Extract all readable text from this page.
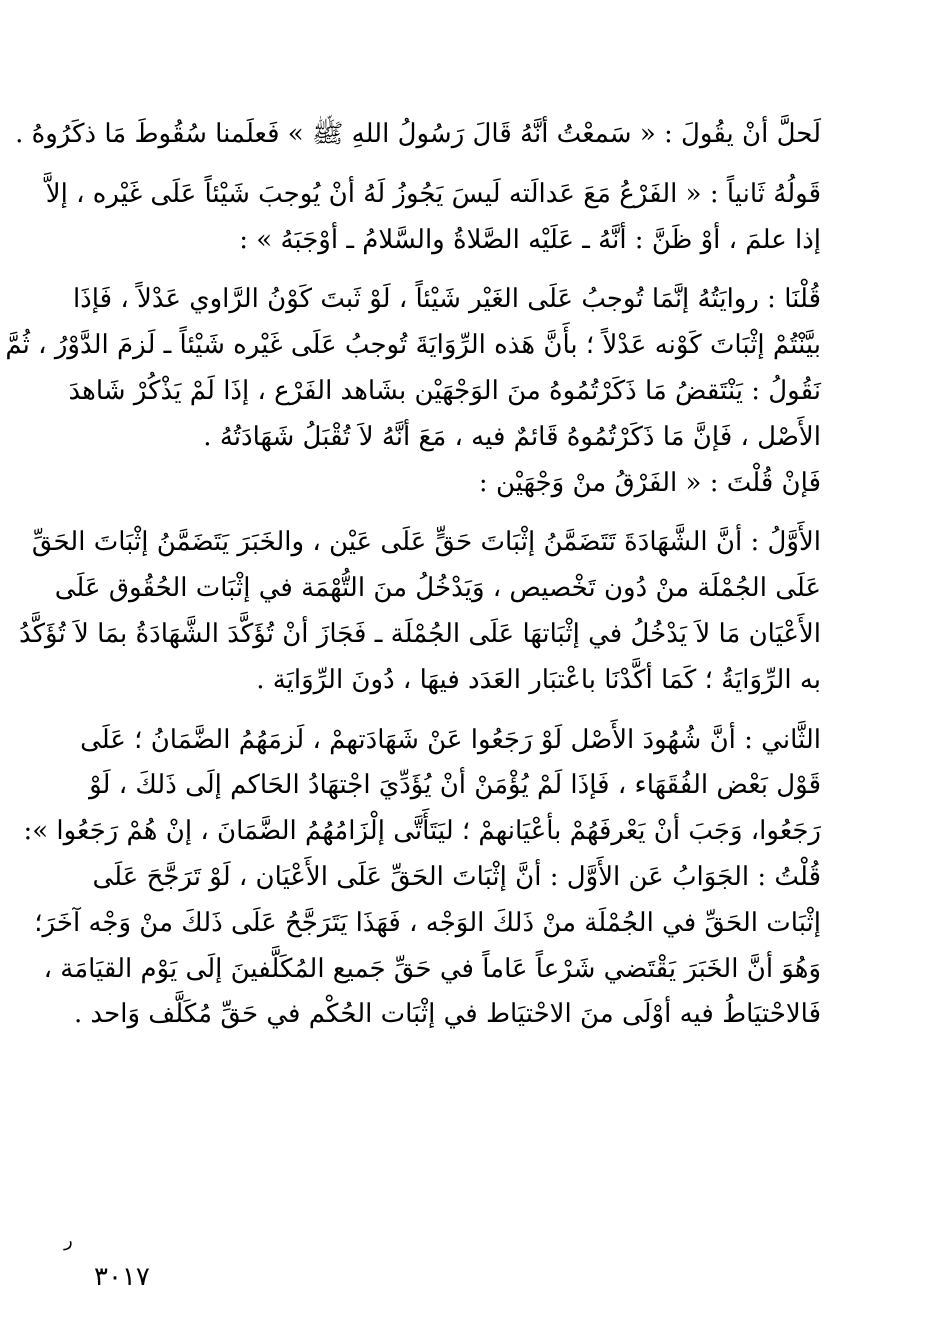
لَحلَّ أنْ يقُولَ : « سَمعْتُ أنَّهُ قَالَ رَسُولُ اللهِ ﷺ » فَعلَمنا سُقُوطَ مَا ذكَرُوهُ .

قَولُهُ ثَانياً : « الفَرْعُ مَعَ عَدالَته لَيسَ يَجُوزُ لَهُ أنْ يُوجبَ شَيْئاً عَلَى غَيْره ، إلاَّ
إذا علمَ ، أوْ ظَنَّ : أنَّهُ ـ عَلَيْه الصَّلاةُ والسَّلامُ ـ أوْجَبَهُ » :

قُلْنَا : روايَتُهُ إنَّمَا تُوجبُ عَلَى الغَيْر شَيْئاً ، لَوْ ثَبتَ كَوْنُ الرَّاوي عَدْلاً ، فَإذَا
بيَّنْتُمْ إثْبَاتَ كَوْنه عَدْلاً ؛ بأَنَّ هَذه الرِّوَايَةَ تُوجبُ عَلَى غَيْره شَيْئاً ـ لَزمَ الدَّوْرُ ، ثُمَّ
نَقُولُ : يَنْتَقضُ مَا ذَكَرْتُمُوهُ منَ الوَجْهَيْن بشَاهد الفَرْع ، إذَا لَمْ يَذْكُرْ شَاهدَ
الأَصْل ، فَإنَّ مَا ذَكَرْتُمُوهُ قَائمٌ فيه ، مَعَ أنَّهُ لاَ تُقْبَلُ شَهَادَتُهُ .

فَإنْ قُلْتَ : « الفَرْقُ منْ وَجْهَيْن :

الأَوَّلُ : أنَّ الشَّهَادَةَ تَتَضَمَّنُ إثْبَاتَ حَقٍّ عَلَى عَيْن ، والخَبَرَ يَتَضَمَّنُ إثْبَاتَ الحَقِّ
عَلَى الجُمْلَة منْ دُون تَخْصيص ، وَيَدْخُلُ منَ التُّهْمَة في إثْبَات الحُقُوق عَلَى
الأَعْيَان مَا لاَ يَدْخُلُ في إثْبَاتهَا عَلَى الجُمْلَة ـ فَجَازَ أنْ تُؤَكَّدَ الشَّهَادَةُ بمَا لاَ تُؤَكَّدُ
به الرِّوَايَةُ ؛ كَمَا أكَّدْنَا باعْتبَار العَدَد فيهَا ، دُونَ الرِّوَايَة .

الثَّاني : أنَّ شُهُودَ الأَصْل لَوْ رَجَعُوا عَنْ شَهَادَتهمْ ، لَزمَهُمُ الضَّمَانُ ؛ عَلَى
قَوْل بَعْض الفُقَهَاء ، فَإذَا لَمْ يُؤْمَنْ أنْ يُؤَدِّيَ اجْتهَادُ الحَاكم إلَى ذَلكَ ، لَوْ
رَجَعُوا، وَجَبَ أنْ يَعْرفَهُمْ بأعْيَانهمْ ؛ ليَتَأَتَّى إلْزَامُهُمُ الضَّمَانَ ، إنْ هُمْ رَجَعُوا »:

قُلْتُ : الجَوَابُ عَن الأَوَّل : أنَّ إثْبَاتَ الحَقِّ عَلَى الأَعْيَان ، لَوْ تَرَجَّحَ عَلَى
إثْبَات الحَقِّ في الجُمْلَة منْ ذَلكَ الوَجْه ، فَهَذَا يَتَرَجَّحُ عَلَى ذَلكَ منْ وَجْه آخَرَ؛
وَهُوَ أنَّ الخَبَرَ يَقْتَضي شَرْعاً عَاماً في حَقِّ جَميع المُكَلَّفينَ إلَى يَوْم القيَامَة ،
فَالاحْتيَاطُ فيه أوْلَى منَ الاحْتيَاط في إثْبَات الحُكْم في حَقِّ مُكَلَّف وَاحد .

ر
٣٠١٧
